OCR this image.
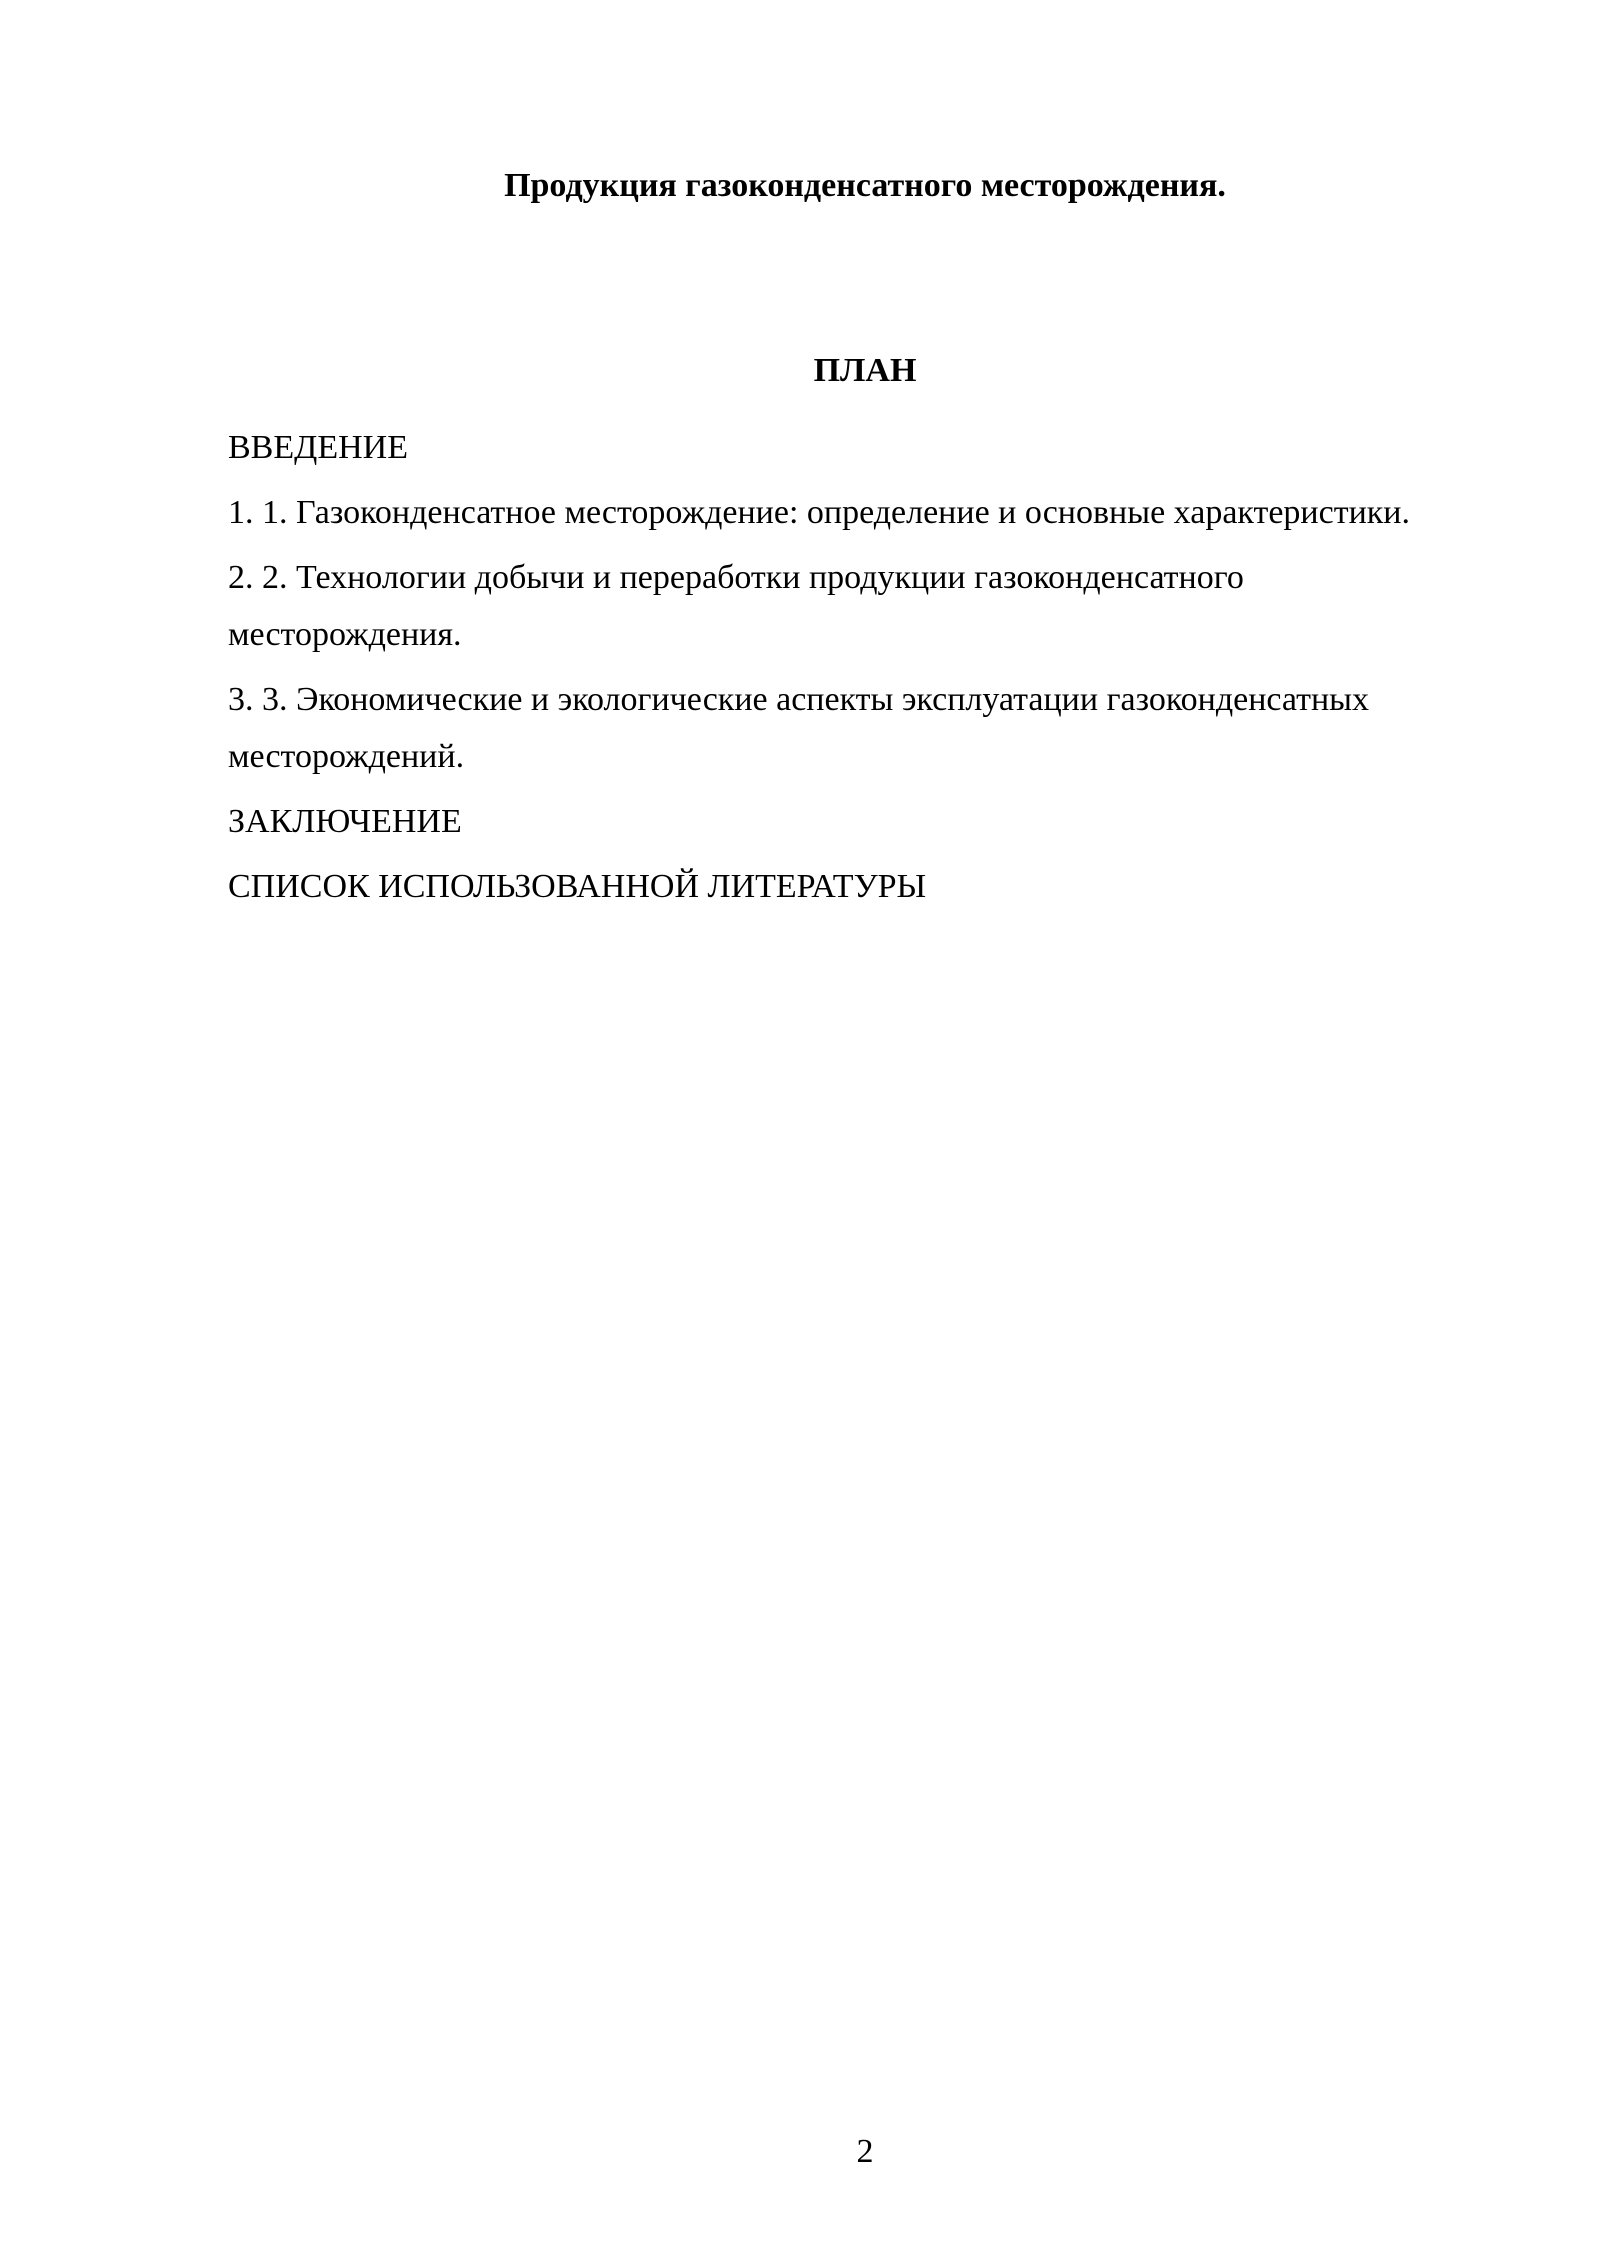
Продукция газоконденсатного месторождения.
ПЛАН
ВВЕДЕНИЕ
1. 1. Газоконденсатное месторождение: определение и основные характеристики.
2. 2. Технологии добычи и переработки продукции газоконденсатного месторождения.
3. 3. Экономические и экологические аспекты эксплуатации газоконденсатных месторождений.
ЗАКЛЮЧЕНИЕ
СПИСОК ИСПОЛЬЗОВАННОЙ ЛИТЕРАТУРЫ
2
